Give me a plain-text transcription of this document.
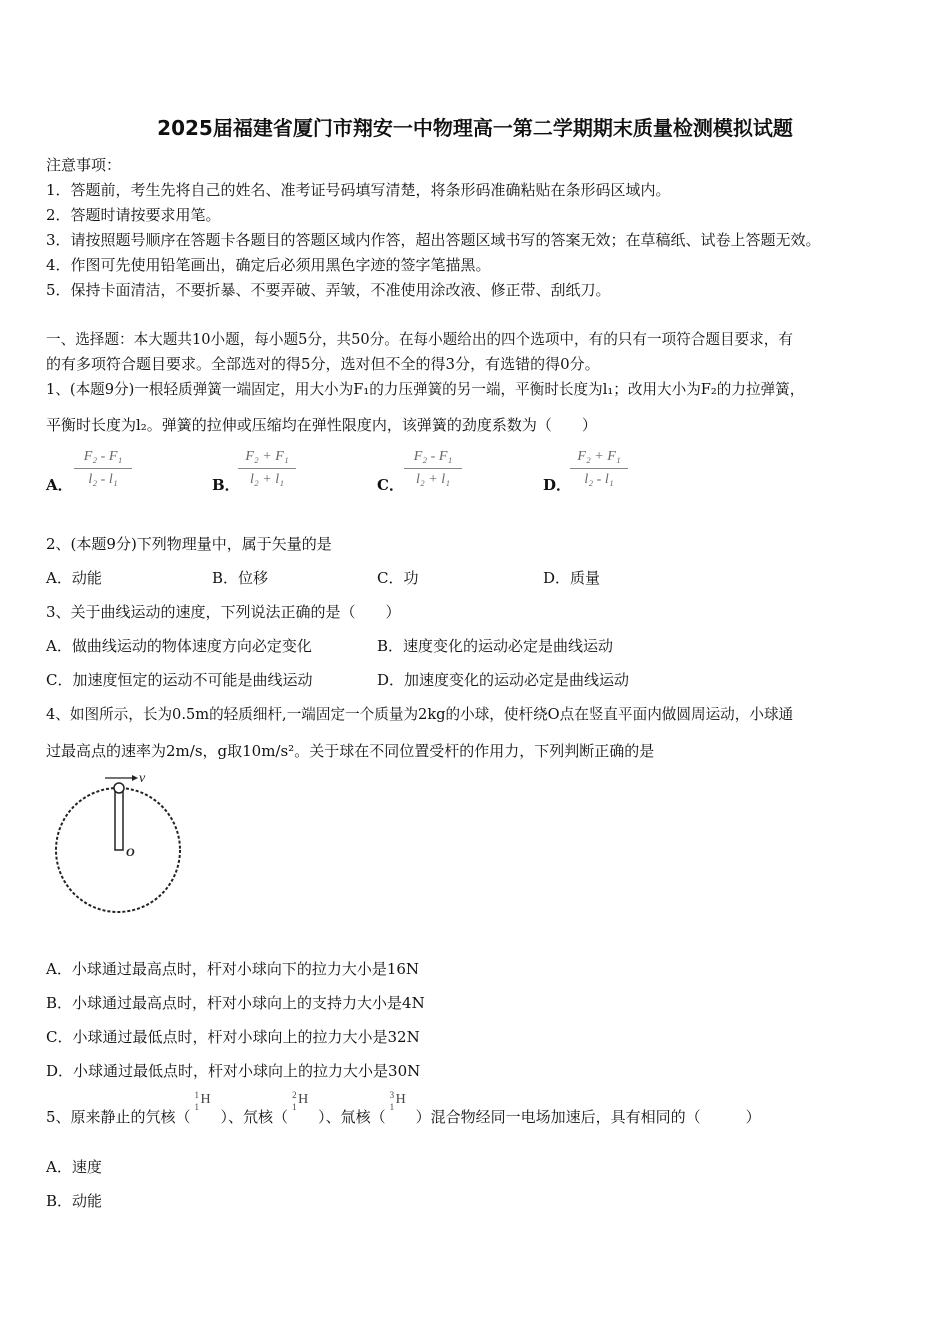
2025届福建省厦门市翔安一中物理高一第二学期期末质量检测模拟试题
注意事项：
1．答题前，考生先将自己的姓名、准考证号码填写清楚，将条形码准确粘贴在条形码区域内。
2．答题时请按要求用笔。
3．请按照题号顺序在答题卡各题目的答题区域内作答，超出答题区域书写的答案无效；在草稿纸、试卷上答题无效。
4．作图可先使用铅笔画出，确定后必须用黑色字迹的签字笔描黑。
5．保持卡面清洁，不要折暴、不要弄破、弄皱，不准使用涂改液、修正带、刮纸刀。
一、选择题：本大题共10小题，每小题5分，共50分。在每小题给出的四个选项中，有的只有一项符合题目要求，有
的有多项符合题目要求。全部选对的得5分，选对但不全的得3分，有选错的得0分。
1、(本题9分)一根轻质弹簧一端固定，用大小为F₁的力压弹簧的另一端，平衡时长度为l₁；改用大小为F₂的力拉弹簧，
平衡时长度为l₂。弹簧的拉伸或压缩均在弹性限度内，该弹簧的劲度系数为（　　）
A．
F₂ - F₁
l₂ - l₁	B．
F₂ + F₁
l₂ + l₁	C．
F₂ - F₁
l₂ + l₁	D．
F₂ + F₁
l₂ - l₁
2、(本题9分)下列物理量中，属于矢量的是
A．动能	B．位移	C．功	D．质量
3、关于曲线运动的速度，下列说法正确的是（　　）
A．做曲线运动的物体速度方向必定变化	B．速度变化的运动必定是曲线运动
C．加速度恒定的运动不可能是曲线运动	D．加速度变化的运动必定是曲线运动
4、如图所示，长为0.5m的轻质细杆,一端固定一个质量为2kg的小球，使杆绕O点在竖直平面内做圆周运动，小球通
过最高点的速率为2m/s，g取10m/s²。关于球在不同位置受杆的作用力，下列判断正确的是
v
O
A．小球通过最高点时，杆对小球向下的拉力大小是16N
B．小球通过最高点时，杆对小球向上的支持力大小是4N
C．小球通过最低点时，杆对小球向上的拉力大小是32N
D．小球通过最低点时，杆对小球向上的拉力大小是30N
5、原来静止的氕核（
1
1 H
）、氘核（
2
1 H
）、氚核（
3
1 H
）混合物经同一电场加速后，具有相同的（　　　）
A．速度
B．动能
